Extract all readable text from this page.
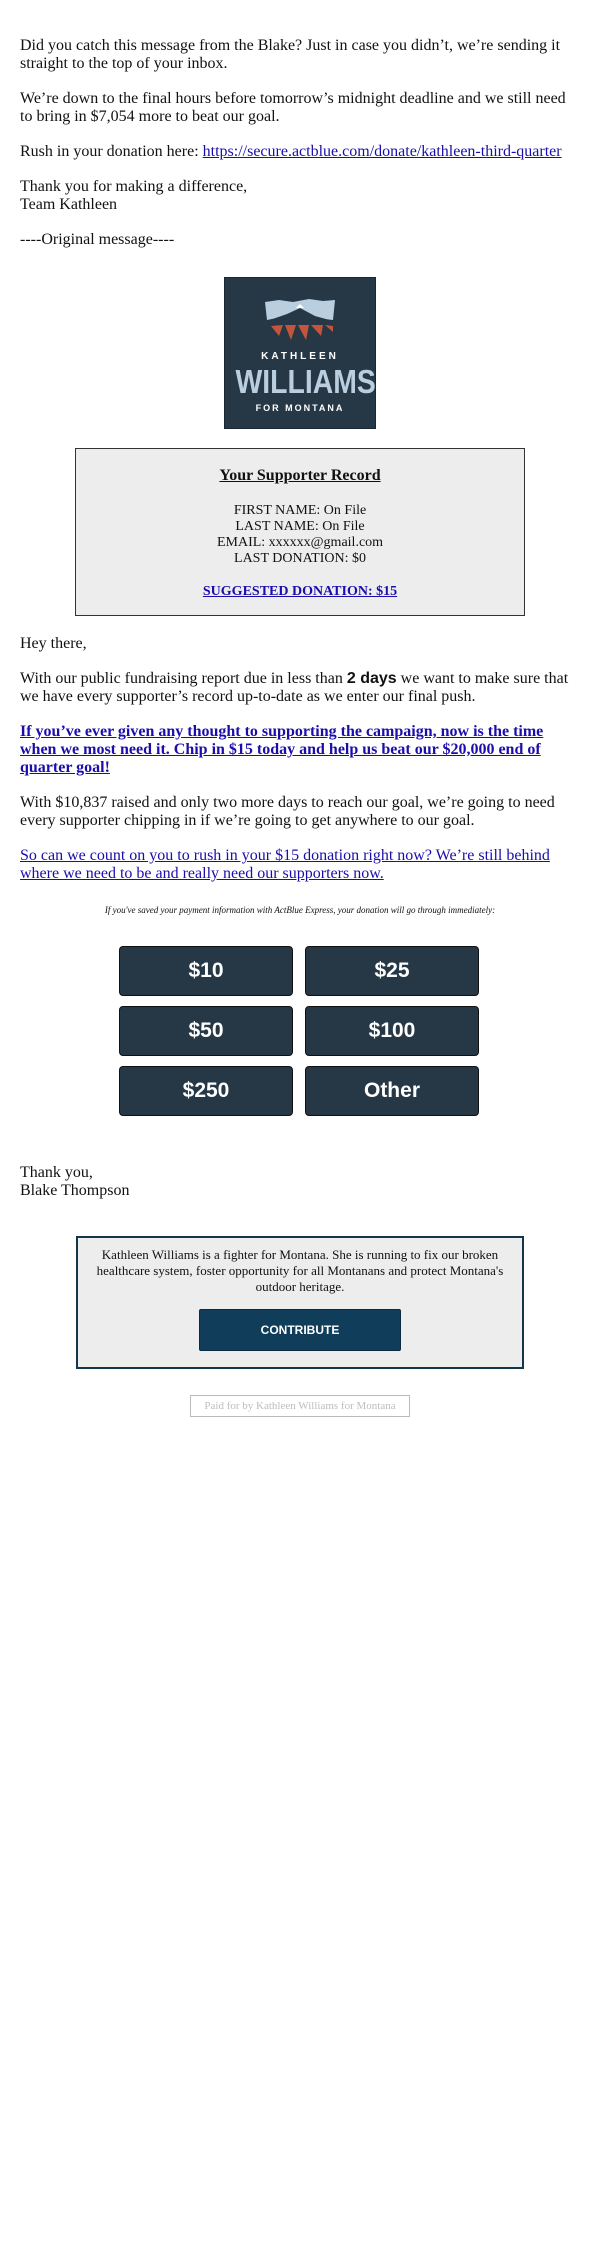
Did you catch this message from the Blake? Just in case you didn’t, we’re sending it straight to the top of your inbox.

We’re down to the final hours before tomorrow’s midnight deadline and we still need to bring in $7,054 more to beat our goal.

Rush in your donation here: https://secure.actblue.com/donate/kathleen-third-quarter

Thank you for making a difference,
Team Kathleen

----Original message----

KATHLEEN
WILLIAMS
FOR MONTANA
Your Supporter Record
FIRST NAME: On File
LAST NAME: On File
EMAIL: xxxxxx@gmail.com
LAST DONATION: $0
SUGGESTED DONATION: $15

Hey there,

With our public fundraising report due in less than 2 days we want to make sure that we have every supporter’s record up-to-date as we enter our final push.

If you’ve ever given any thought to supporting the campaign, now is the time when we most need it. Chip in $15 today and help us beat our $20,000 end of quarter goal!

With $10,837 raised and only two more days to reach our goal, we’re going to need every supporter chipping in if we’re going to get anywhere to our goal.

So can we count on you to rush in your $15 donation right now? We’re still behind where we need to be and really need our supporters now.

If you've saved your payment information with ActBlue Express, your donation will go through immediately:
$10	$25
$50	$100
$250	Other
Thank you,
Blake Thompson
Kathleen Williams is a fighter for Montana. She is running to fix our broken healthcare system, foster opportunity for all Montanans and protect Montana's outdoor heritage.
CONTRIBUTE
Paid for by Kathleen Williams for Montana
